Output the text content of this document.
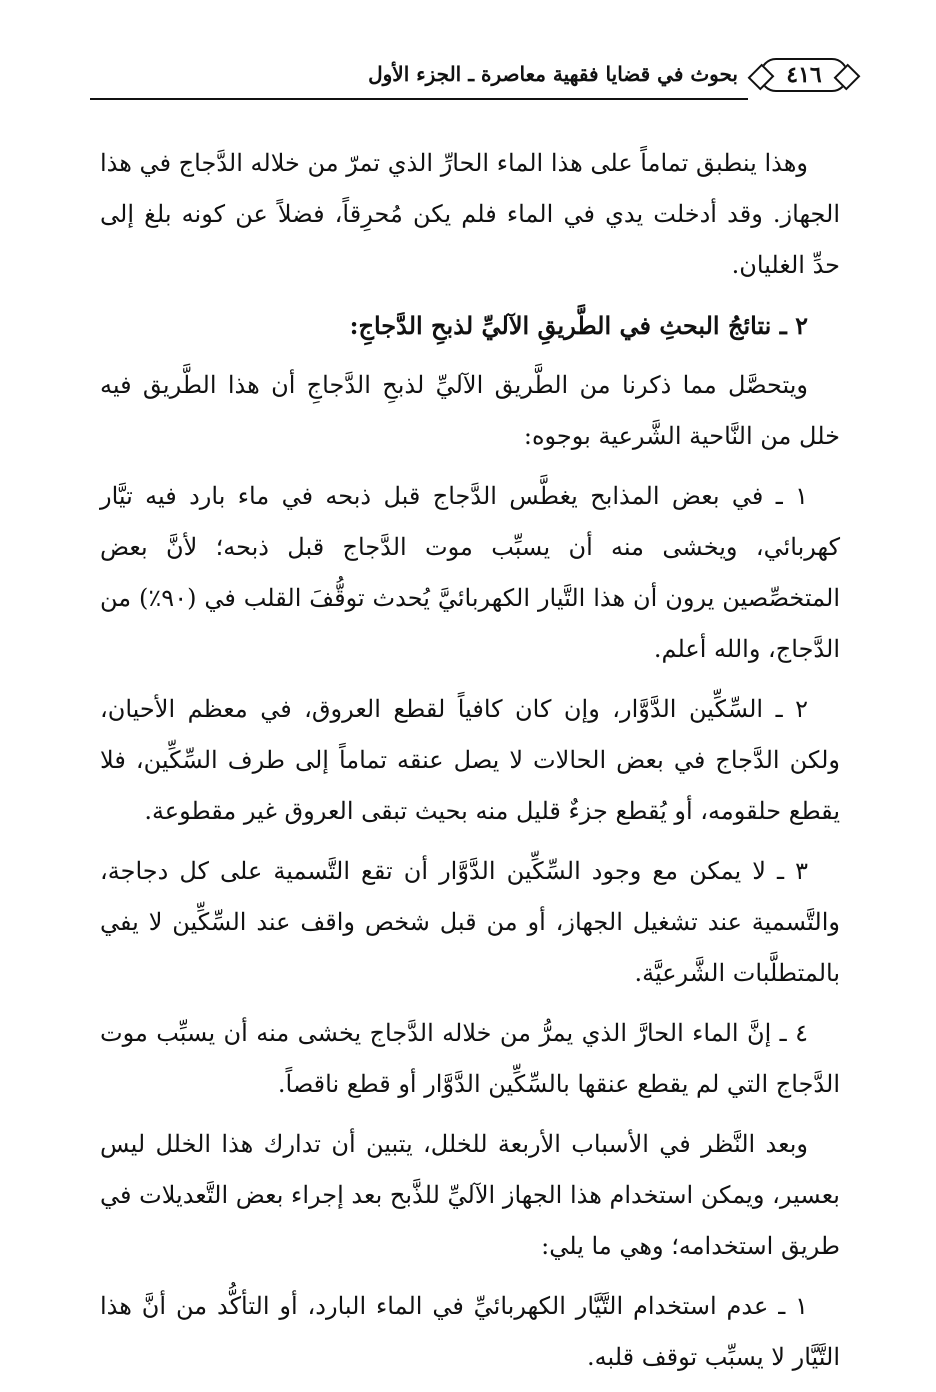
٤١٦
بحوث في قضايا فقهية معاصرة ـ الجزء الأول

وهذا ينطبق تماماً على هذا الماء الحارِّ الذي تمرّ من خلاله الدَّجاج في هذا الجهاز. وقد أدخلت يدي في الماء فلم يكن مُحرِقاً، فضلاً عن كونه بلغ إلى حدِّ الغليان.

٢ ـ نتائجُ البحثِ في الطَّريقِ الآليِّ لذبحِ الدَّجاجِ:

ويتحصَّل مما ذكرنا من الطَّريق الآليِّ لذبحِ الدَّجاجِ أن هذا الطَّريق فيه خلل من النَّاحية الشَّرعية بوجوه:

١ ـ في بعض المذابح يغطَّس الدَّجاج قبل ذبحه في ماء بارد فيه تيَّار كهربائي، ويخشى منه أن يسبِّب موت الدَّجاج قبل ذبحه؛ لأنَّ بعض المتخصِّصين يرون أن هذا التَّيار الكهربائيَّ يُحدث توقُّفَ القلب في (٩٠٪) من الدَّجاج، والله أعلم.

٢ ـ السِّكِّين الدَّوَّار، وإن كان كافياً لقطع العروق، في معظم الأحيان، ولكن الدَّجاج في بعض الحالات لا يصل عنقه تماماً إلى طرف السِّكِّين، فلا يقطع حلقومه، أو يُقطع جزءٌ قليل منه بحيث تبقى العروق غير مقطوعة.

٣ ـ لا يمكن مع وجود السِّكِّين الدَّوَّار أن تقع التَّسمية على كل دجاجة، والتَّسمية عند تشغيل الجهاز، أو من قبل شخص واقف عند السِّكِّين لا يفي بالمتطلَّبات الشَّرعيَّة.

٤ ـ إنَّ الماء الحارَّ الذي يمرُّ من خلاله الدَّجاج يخشى منه أن يسبِّب موت الدَّجاج التي لم يقطع عنقها بالسِّكِّين الدَّوَّار أو قطع ناقصاً.

وبعد النَّظر في الأسباب الأربعة للخلل، يتبين أن تدارك هذا الخلل ليس بعسير، ويمكن استخدام هذا الجهاز الآليِّ للذَّبح بعد إجراء بعض التَّعديلات في طريق استخدامه؛ وهي ما يلي:

١ ـ عدم استخدام التَّيَّار الكهربائيِّ في الماء البارد، أو التأكُّد من أنَّ هذا التَّيَّار لا يسبِّب توقف قلبه.
